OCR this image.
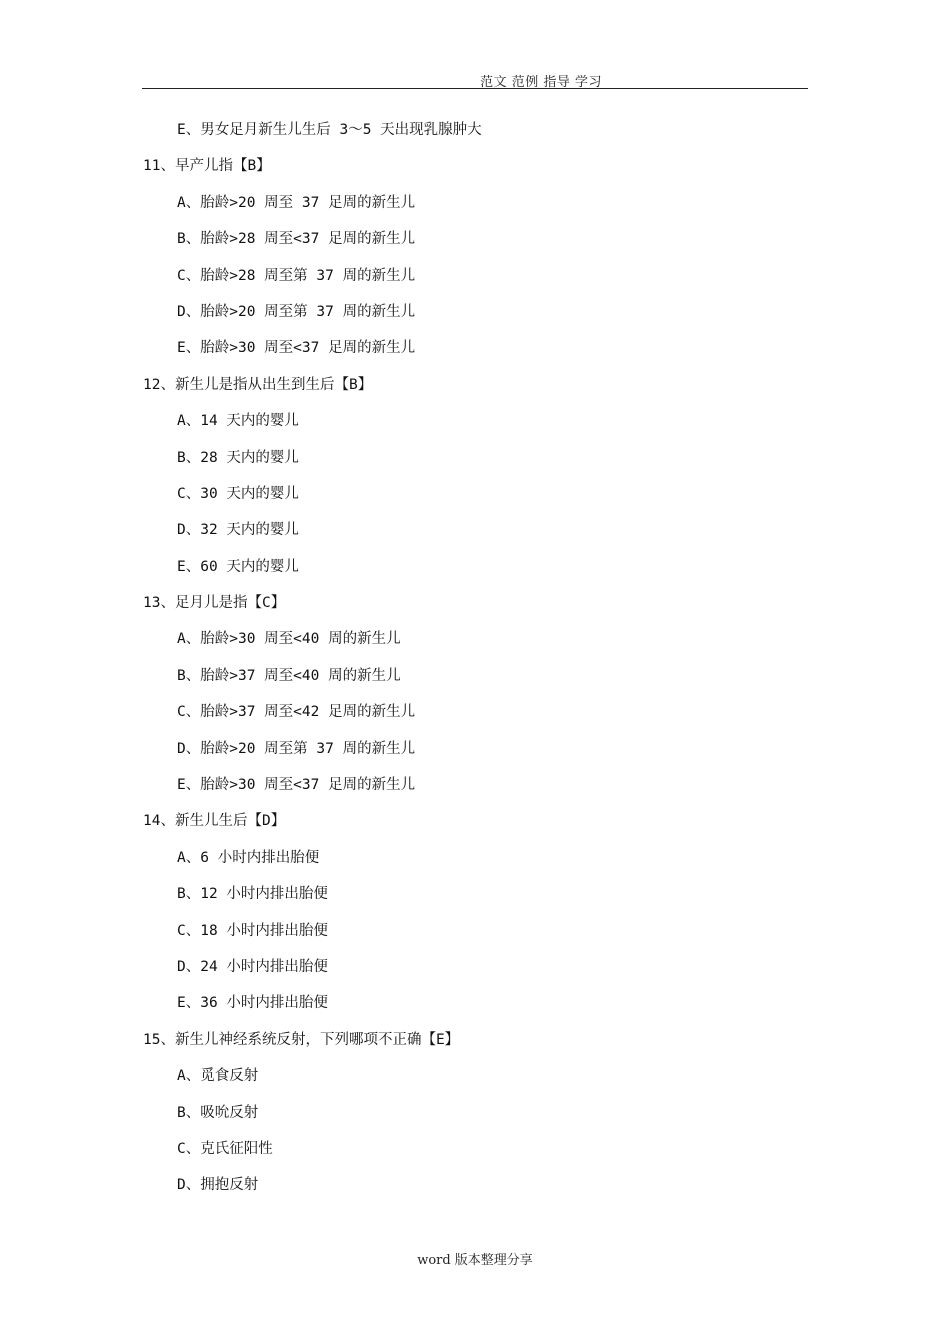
范文 范例 指导 学习
E、男女足月新生儿生后 3～5 天出现乳腺肿大
11、早产儿指【B】
A、胎龄>20 周至 37 足周的新生儿
B、胎龄>28 周至<37 足周的新生儿
C、胎龄>28 周至第 37 周的新生儿
D、胎龄>20 周至第 37 周的新生儿
E、胎龄>30 周至<37 足周的新生儿
12、新生儿是指从出生到生后【B】
A、14 天内的婴儿
B、28 天内的婴儿
C、30 天内的婴儿
D、32 天内的婴儿
E、60 天内的婴儿
13、足月儿是指【C】
A、胎龄>30 周至<40 周的新生儿
B、胎龄>37 周至<40 周的新生儿
C、胎龄>37 周至<42 足周的新生儿
D、胎龄>20 周至第 37 周的新生儿
E、胎龄>30 周至<37 足周的新生儿
14、新生儿生后【D】
A、6 小时内排出胎便
B、12 小时内排出胎便
C、18 小时内排出胎便
D、24 小时内排出胎便
E、36 小时内排出胎便
15、新生儿神经系统反射，下列哪项不正确【E】
A、觅食反射
B、吸吮反射
C、克氏征阳性
D、拥抱反射
word 版本整理分享
